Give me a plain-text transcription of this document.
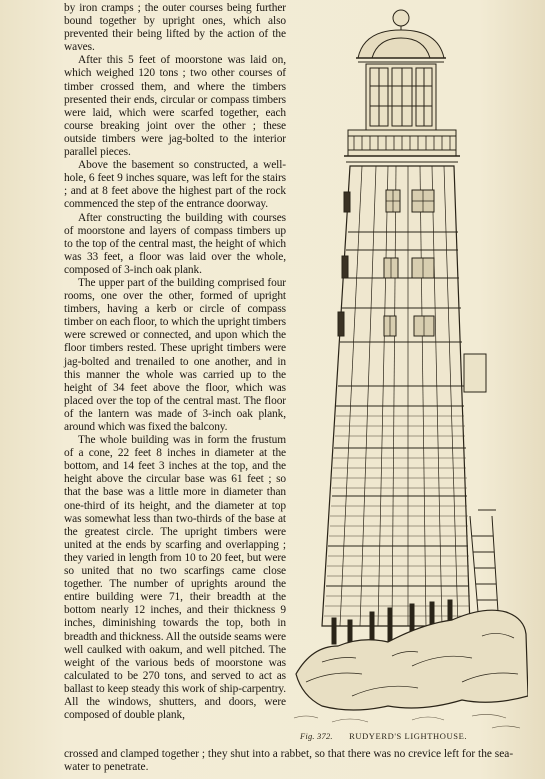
by iron cramps ; the outer courses being further bound together by upright ones, which also prevented their being lifted by the action of the waves.

After this 5 feet of moorstone was laid on, which weighed 120 tons ; two other courses of timber crossed them, and where the timbers presented their ends, circular or compass timbers were laid, which were scarfed together, each course breaking joint over the other ; these outside timbers were jag-bolted to the interior parallel pieces.

Above the basement so constructed, a well-hole, 6 feet 9 inches square, was left for the stairs ; and at 8 feet above the highest part of the rock commenced the step of the entrance doorway.

After constructing the building with courses of moorstone and layers of compass timbers up to the top of the central mast, the height of which was 33 feet, a floor was laid over the whole, composed of 3-inch oak plank.

The upper part of the building comprised four rooms, one over the other, formed of upright timbers, having a kerb or circle of compass timber on each floor, to which the upright timbers were screwed or connected, and upon which the floor timbers rested. These upright timbers were jag-bolted and trenailed to one another, and in this manner the whole was carried up to the height of 34 feet above the floor, which was placed over the top of the central mast. The floor of the lantern was made of 3-inch oak plank, around which was fixed the balcony.

The whole building was in form the frustum of a cone, 22 feet 8 inches in diameter at the bottom, and 14 feet 3 inches at the top, and the height above the circular base was 61 feet ; so that the base was a little more in diameter than one-third of its height, and the diameter at top was somewhat less than two-thirds of the base at the greatest circle. The upright timbers were united at the ends by scarfing and overlapping ; they varied in length from 10 to 20 feet, but were so united that no two scarfings came close together. The number of uprights around the entire building were 71, their breadth at the bottom nearly 12 inches, and their thickness 9 inches, diminishing towards the top, both in breadth and thickness. All the outside seams were well caulked with oakum, and well pitched. The weight of the various beds of moorstone was calculated to be 270 tons, and served to act as ballast to keep steady this work of ship-carpentry. All the windows, shutters, and doors, were composed of double plank,

Fig. 372. RUDYERD'S LIGHTHOUSE.

crossed and clamped together ; they shut into a rabbet, so that there was no crevice left for the sea-water to penetrate.
